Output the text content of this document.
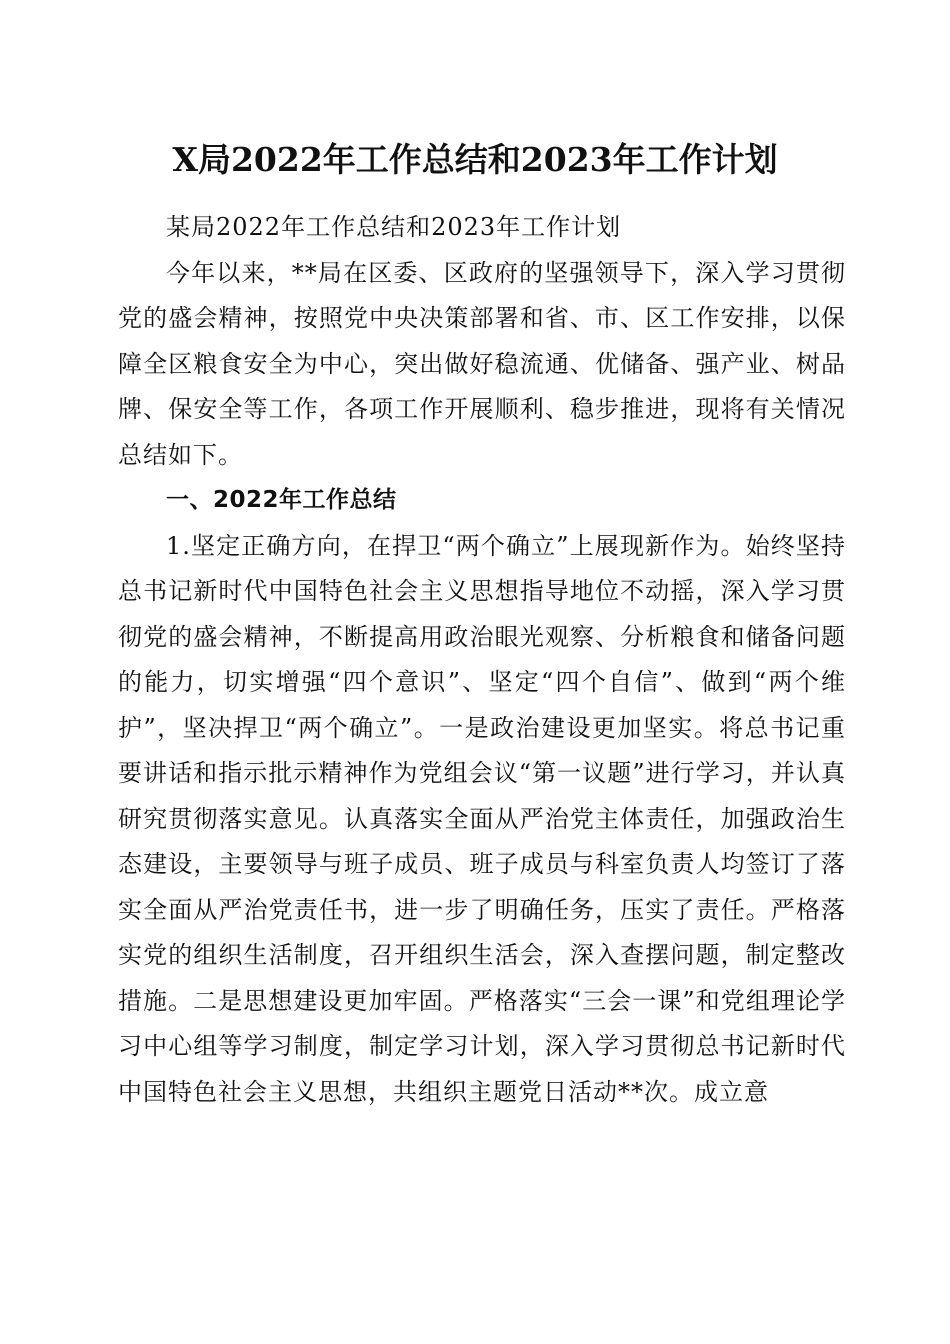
X局2022年工作总结和2023年工作计划

某局2022年工作总结和2023年工作计划

今年以来，**局在区委、区政府的坚强领导下，深入学习贯彻党的盛会精神，按照党中央决策部署和省、市、区工作安排，以保障全区粮食安全为中心，突出做好稳流通、优储备、强产业、树品牌、保安全等工作，各项工作开展顺利、稳步推进，现将有关情况总结如下。

一、2022年工作总结

1.坚定正确方向，在捍卫“两个确立”上展现新作为。始终坚持总书记新时代中国特色社会主义思想指导地位不动摇，深入学习贯彻党的盛会精神，不断提高用政治眼光观察、分析粮食和储备问题的能力，切实增强“四个意识”、坚定“四个自信”、做到“两个维护”，坚决捍卫“两个确立”。一是政治建设更加坚实。将总书记重要讲话和指示批示精神作为党组会议“第一议题”进行学习，并认真研究贯彻落实意见。认真落实全面从严治党主体责任，加强政治生态建设，主要领导与班子成员、班子成员与科室负责人均签订了落实全面从严治党责任书，进一步了明确任务，压实了责任。严格落实党的组织生活制度，召开组织生活会，深入查摆问题，制定整改措施。二是思想建设更加牢固。严格落实“三会一课”和党组理论学习中心组等学习制度，制定学习计划，深入学习贯彻总书记新时代中国特色社会主义思想，共组织主题党日活动**次。成立意
